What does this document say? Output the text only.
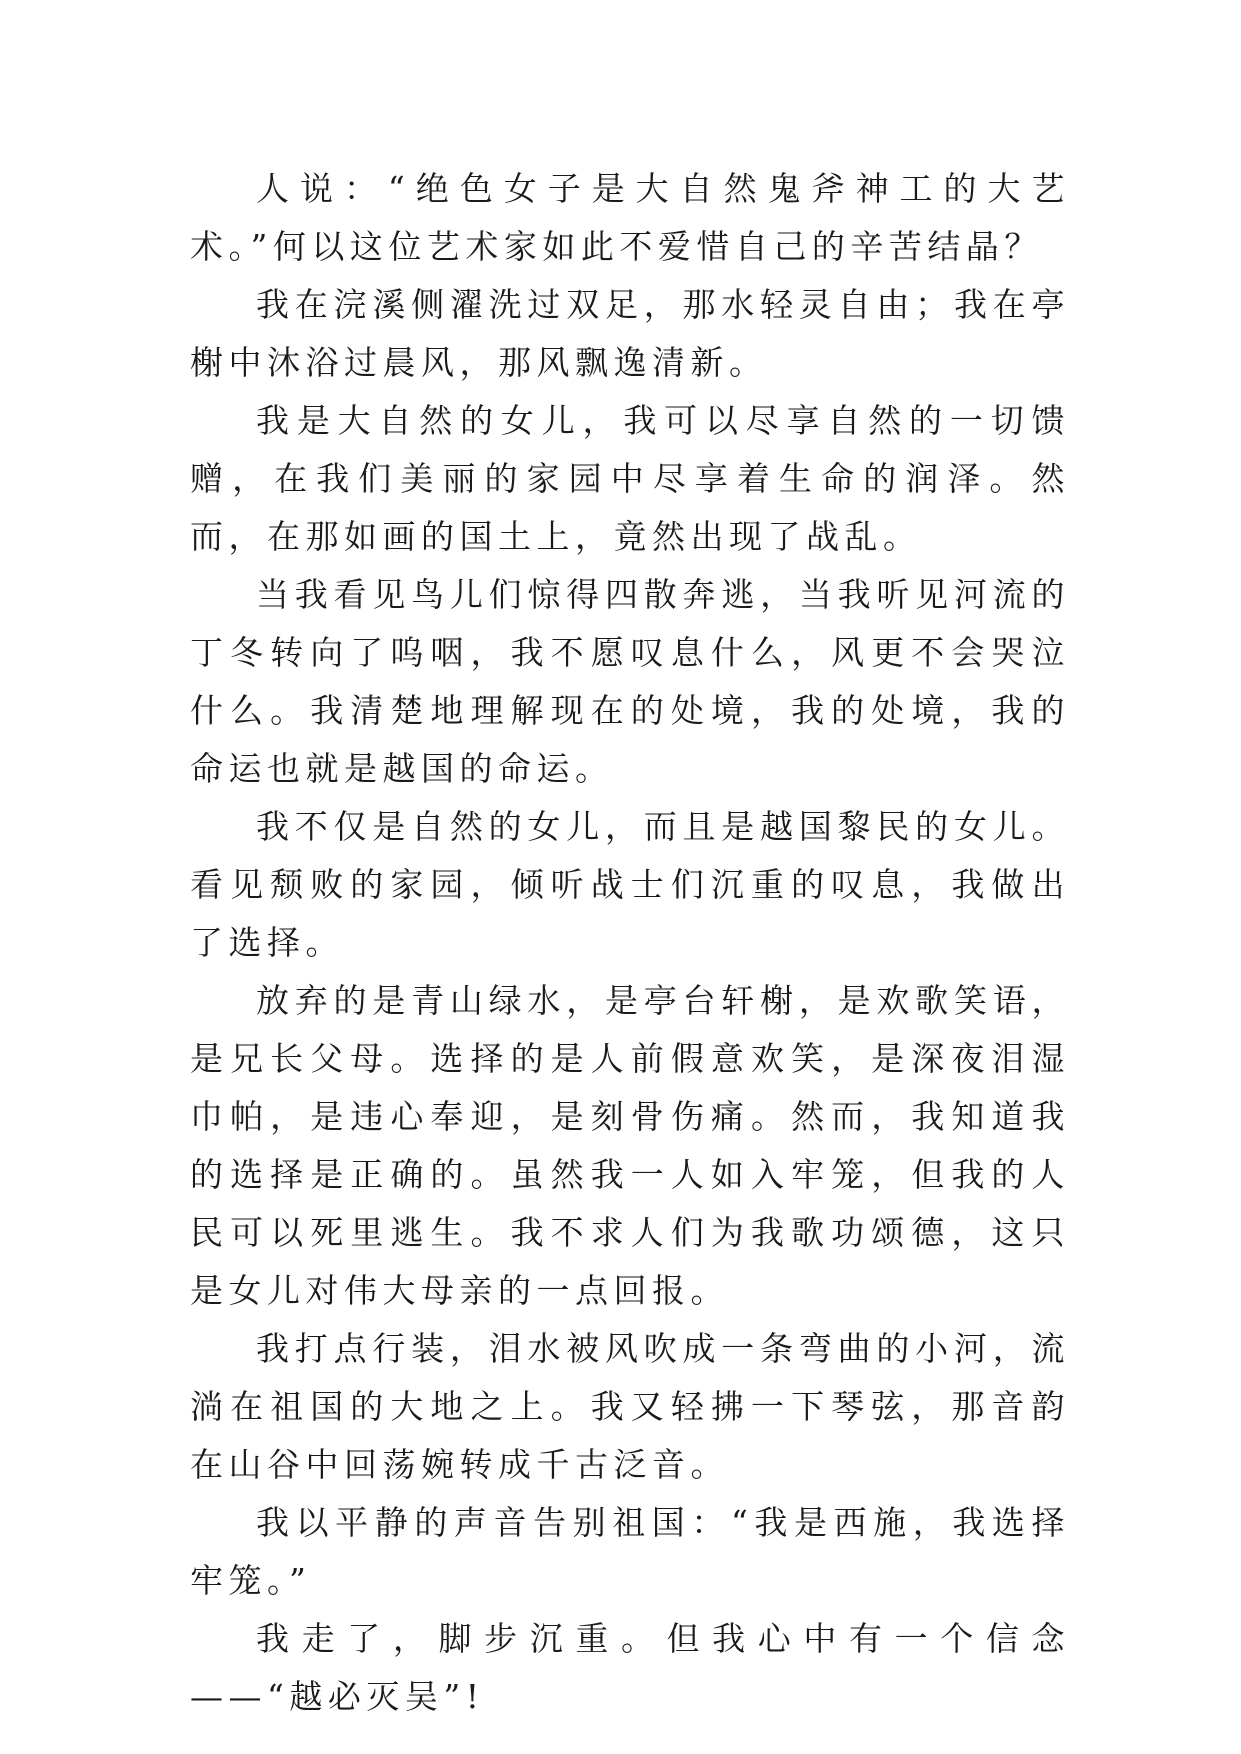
人说：“绝色女子是大自然鬼斧神工的大艺术。”何以这位艺术家如此不爱惜自己的辛苦结晶？

我在浣溪侧濯洗过双足，那水轻灵自由；我在亭榭中沐浴过晨风，那风飘逸清新。

我是大自然的女儿，我可以尽享自然的一切馈赠，在我们美丽的家园中尽享着生命的润泽。然而，在那如画的国土上，竟然出现了战乱。

当我看见鸟儿们惊得四散奔逃，当我听见河流的丁冬转向了呜咽，我不愿叹息什么，风更不会哭泣什么。我清楚地理解现在的处境，我的处境，我的命运也就是越国的命运。

我不仅是自然的女儿，而且是越国黎民的女儿。看见颓败的家园，倾听战士们沉重的叹息，我做出了选择。

放弃的是青山绿水，是亭台轩榭，是欢歌笑语，是兄长父母。选择的是人前假意欢笑，是深夜泪湿巾帕，是违心奉迎，是刻骨伤痛。然而，我知道我的选择是正确的。虽然我一人如入牢笼，但我的人民可以死里逃生。我不求人们为我歌功颂德，这只是女儿对伟大母亲的一点回报。

我打点行装，泪水被风吹成一条弯曲的小河，流淌在祖国的大地之上。我又轻拂一下琴弦，那音韵在山谷中回荡婉转成千古泛音。

我以平静的声音告别祖国：“我是西施，我选择牢笼。”

我走了，脚步沉重。但我心中有一个信念——“越必灭吴”!
